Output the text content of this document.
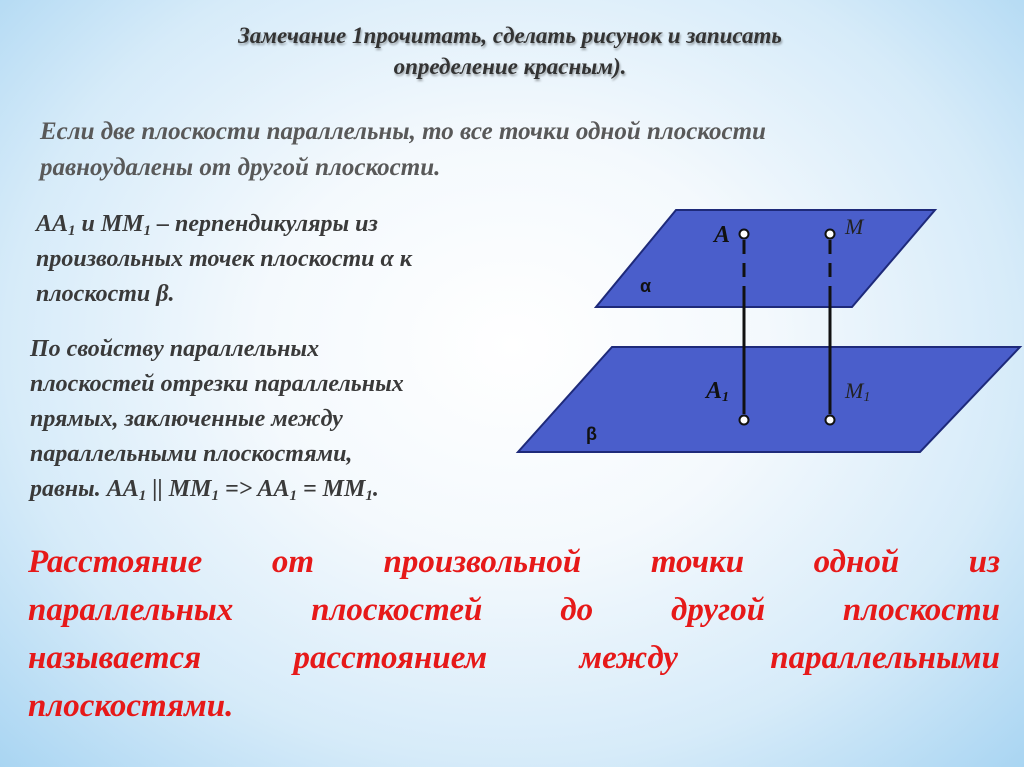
Замечание 1прочитать, сделать рисунок и записать
определение красным).
Если две плоскости параллельны, то все точки одной плоскости
равноудалены от другой плоскости.
$AA_1$ и $MM_1$ – перпендикуляры из
произвольных точек плоскости α к
плоскости β.
По свойству параллельных
плоскостей отрезки параллельных
прямых, заключенные между
параллельными плоскостями,
равны. $AA_1$ || $MM_1 => AA_1 = MM_1$.
A	M
A1	M1
α
β
Расстояние от произвольной точки одной из
параллельных плоскостей до другой плоскости
называется	расстоянием	между	параллельными
плоскостями.
